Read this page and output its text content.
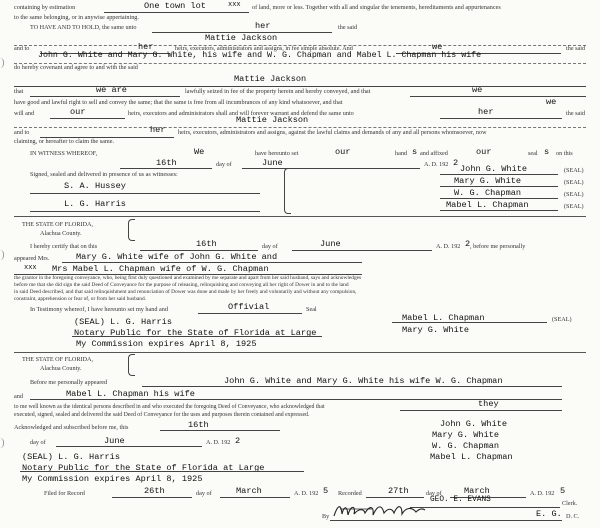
containing by estimation	One town lot	xxx of land, more or less. Together with all and singular the tenements, hereditaments and appurtenances
to the same belonging, or in anywise appertaining.
TO HAVE AND TO HOLD, the same unto	her	the said
Mattie Jackson
and to	her	heirs, executors, administrators and assigns, in fee simple absolute. And	we	the said
John G. White and Mary G. White, his wife and W. G. Chapman and Mabel L. Chapman his wife
do hereby covenant and agree to and with the said
Mattie Jackson
that	we are	lawfully seized in fee of the property herein and hereby conveyed, and that	we
have good and lawful right to sell and convey the same; that the same is free from all incumbrances of any kind whatsoever, and that	we
will and	our	heirs, executors and administrators shall and will forever warrant and defend the same unto	her	the said
Mattie Jackson
and to	her heirs, executors, administrators and assigns, against the lawful claims and demands of any and all persons whomsoever, now
claiming, or hereafter to claim the same.
IN WITNESS WHEREOF,	We	have hereunto set	our	hand s and affixed	our	seal s on this
16th	day of	June	A. D. 192 2
Signed, sealed and delivered in presence of us as witnesses:
John G. White	(SEAL)
Mary G. White	(SEAL)
W. G. Chapman	(SEAL)
Mabel L. Chapman	(SEAL)
S. A. Hussey
L. G. Harris
THE STATE OF FLORIDA,
Alachua County.
I hereby certify that on this	16th	day of	June	A. D. 192 2 , before me personally
appeared Mrs.	Mary G. White wife of John G. White and
xxx Mrs Mabel L. Chapman wife of W. G. Chapman
the grantor in the foregoing conveyance, who, being first duly questioned and examined by me separate and apart from her said husband, says and acknowledges
before me that she did sign the said Deed of Conveyance for the purpose of releasing, relinquishing and conveying all her right of Dower in and to the land
in said Deed described, and that said relinquishment and renunciation of Dower was done and made by her freely and voluntarily and without any compulsion,
constraint, apprehension or fear of, or from her said husband.
In Testimony whereof, I have hereunto set my hand and	Offivial	Seal
(SEAL) L. G. Harris
Notary Public for the State of Florida at Large
My Commission expires April 8, 1925
Mabel L. Chapman	(SEAL)
Mary G. White
THE STATE OF FLORIDA,
Alachua County.
Before me personally appeared	John G. White and Mary G. White his wife W. G. Chapman
and	Mabel L. Chapman his wife
to me well known as the identical persons described in and who executed the foregoing Deed of Conveyance, who acknowledged that	they
executed, signed, sealed and delivered the said Deed of Conveyance for the uses and purposes therein contained and expressed.
Acknowledged and subscribed before me, this	16th
day of	June	A. D. 192 2
John G. White
Mary G. White
W. G. Chapman
Mabel L. Chapman
(SEAL) L. G. Harris
Notary Public for the State of Florida at Large
My Commission expires April 8, 1925
Filed for Record	26th	day of	March	A. D. 192 5 Recorded	27th	day of	March	A. D. 192 5
GEO. E. EVANS	Clerk.
By	E. G. D. C.
